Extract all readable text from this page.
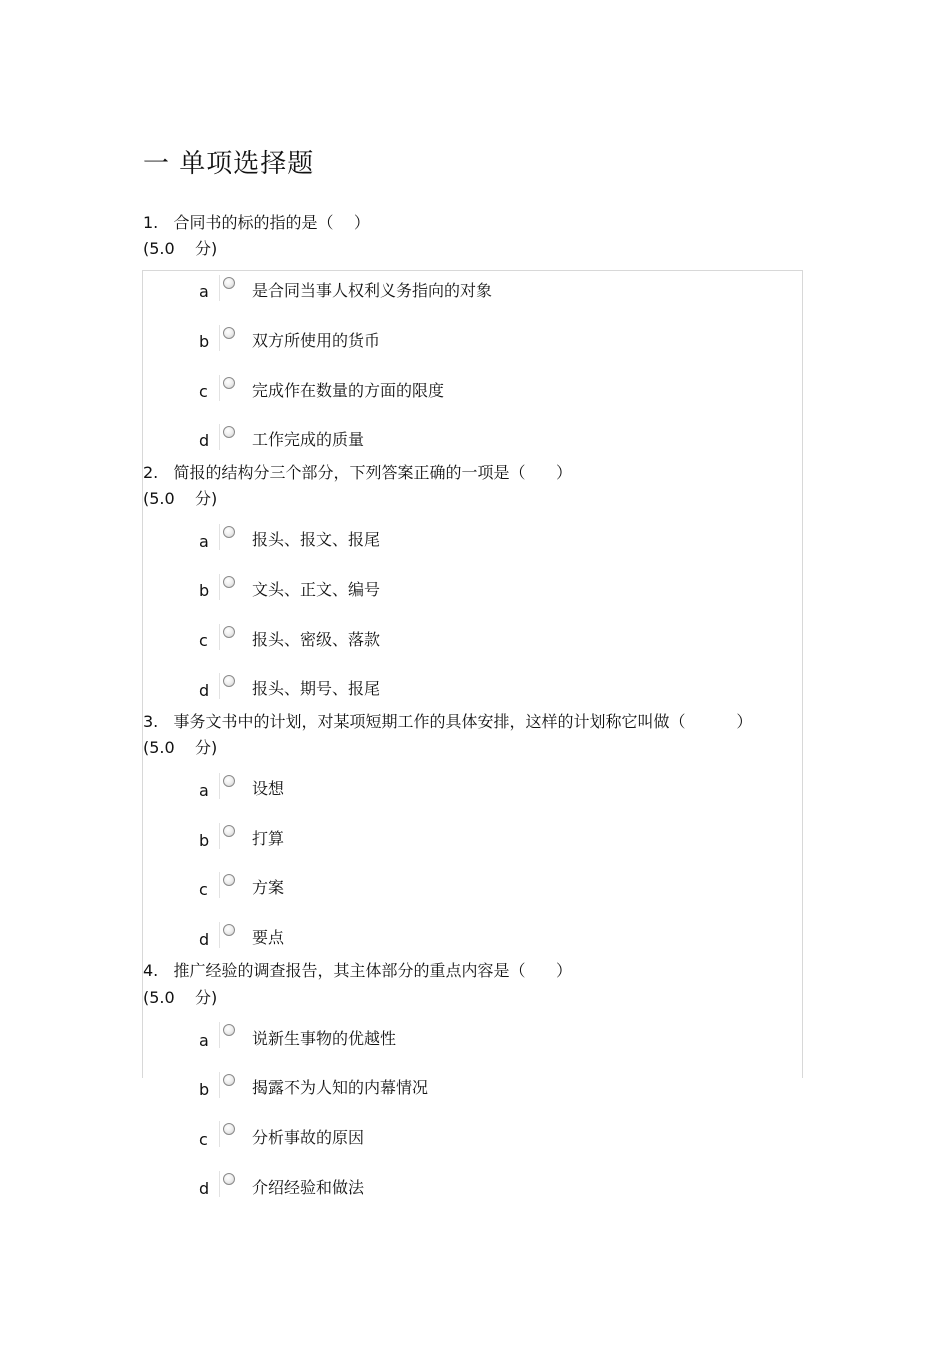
一 单项选择题
1.   合同书的标的指的是（    ）
(5.0    分)
a	是合同当事人权利义务指向的对象
b	双方所使用的货币
c	完成作在数量的方面的限度
d	工作完成的质量
2.   简报的结构分三个部分，下列答案正确的一项是（      ）
(5.0    分)
a	报头、报文、报尾
b	文头、正文、编号
c	报头、密级、落款
d	报头、期号、报尾
3.   事务文书中的计划，对某项短期工作的具体安排，这样的计划称它叫做（          ）
(5.0    分)
a	设想
b	打算
c	方案
d	要点
4.   推广经验的调查报告，其主体部分的重点内容是（      ）
(5.0    分)
a	说新生事物的优越性
b	揭露不为人知的内幕情况
c	分析事故的原因
d	介绍经验和做法
